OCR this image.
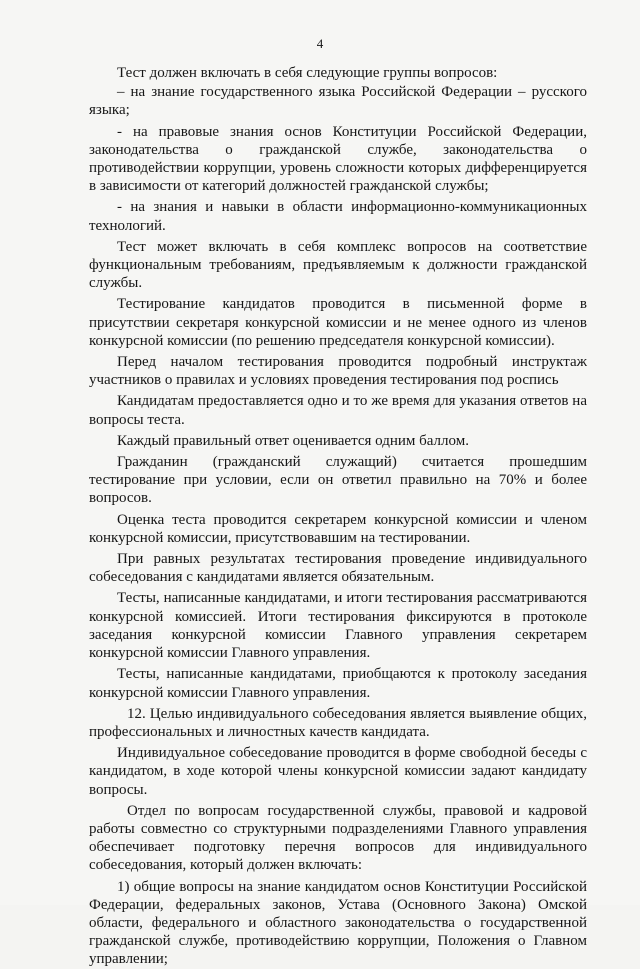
4

Тест должен включать в себя следующие группы вопросов:

– на знание государственного языка Российской Федерации – русского языка;

- на правовые знания основ Конституции Российской Федерации, законодательства о гражданской службе, законодательства о противодействии коррупции, уровень сложности которых дифференцируется в зависимости от категорий должностей гражданской службы;

- на знания и навыки в области информационно-коммуникационных технологий.

Тест может включать в себя комплекс вопросов на соответствие функциональным требованиям, предъявляемым к должности гражданской службы.

Тестирование кандидатов проводится в письменной форме в присутствии секретаря конкурсной комиссии и не менее одного из членов конкурсной комиссии (по решению председателя конкурсной комиссии).

Перед началом тестирования проводится подробный инструктаж участников о правилах и условиях проведения тестирования под роспись

Кандидатам предоставляется одно и то же время для указания ответов на вопросы теста.

Каждый правильный ответ оценивается одним баллом.

Гражданин (гражданский служащий) считается прошедшим тестирование при условии, если он ответил правильно на 70% и более вопросов.

Оценка теста проводится секретарем конкурсной комиссии и членом конкурсной комиссии, присутствовавшим на тестировании.

При равных результатах тестирования проведение индивидуального собеседования с кандидатами является обязательным.

Тесты, написанные кандидатами, и итоги тестирования рассматриваются конкурсной комиссией. Итоги тестирования фиксируются в протоколе заседания конкурсной комиссии Главного управления секретарем конкурсной комиссии Главного управления.

Тесты, написанные кандидатами, приобщаются к протоколу заседания конкурсной комиссии Главного управления.

12. Целью индивидуального собеседования является выявление общих, профессиональных и личностных качеств кандидата.

Индивидуальное собеседование проводится в форме свободной беседы с кандидатом, в ходе которой члены конкурсной комиссии задают кандидату вопросы.

Отдел по вопросам государственной службы, правовой и кадровой работы совместно со структурными подразделениями Главного управления обеспечивает подготовку перечня вопросов для индивидуального собеседования, который должен включать:

1) общие вопросы на знание кандидатом основ Конституции Российской Федерации, федеральных законов, Устава (Основного Закона) Омской области, федерального и областного законодательства о государственной гражданской службе, противодействию коррупции, Положения о Главном управлении;
